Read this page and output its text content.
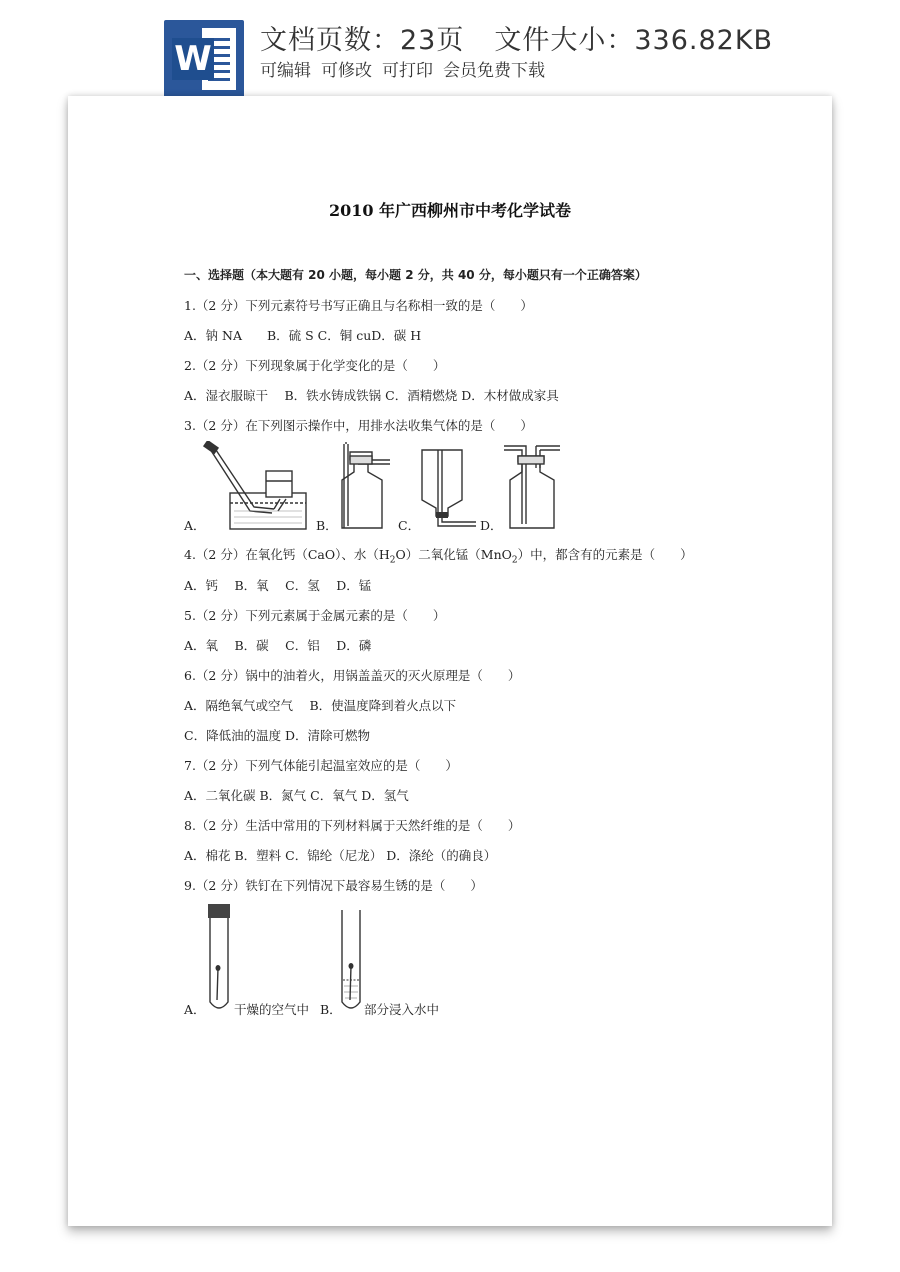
W 文档页数：23页 文件大小：336.82KB
可编辑 可修改 可打印 会员免费下载
2010 年广西柳州市中考化学试卷
一、选择题（本大题有 20 小题，每小题 2 分，共 40 分，每小题只有一个正确答案）
1.（2 分）下列元素符号书写正确且与名称相一致的是（　　）
A．钠 NA　　B．硫 S C．铜 cuD．碳 H
2.（2 分）下列现象属于化学变化的是（　　）
A．湿衣服晾干　 B．铁水铸成铁锅 C．酒精燃烧 D．木材做成家具
3.（2 分）在下列图示操作中，用排水法收集气体的是（　　）
A．	B．	C．	D．
4.（2 分）在氧化钙（CaO）、水$(H_2O)$二氧化锰（MnO$_2$）中，都含有的元素是（　　）
A．钙　 B．氧　 C．氢　 D．锰
5.（2 分）下列元素属于金属元素的是（　　）
A．氧　 B．碳　 C．铝　 D．磷
6.（2 分）锅中的油着火，用锅盖盖灭的灭火原理是（　　）
A．隔绝氧气或空气　 B．使温度降到着火点以下
C．降低油的温度 D．清除可燃物
7.（2 分）下列气体能引起温室效应的是（　　）
A．二氧化碳 B．氮气 C．氧气 D．氢气
8.（2 分）生活中常用的下列材料属于天然纤维的是（　　）
A．棉花 B．塑料 C．锦纶（尼龙） D．涤纶（的确良）
9.（2 分）铁钉在下列情况下最容易生锈的是（　　）
A． 干燥的空气中 B． 部分浸入水中
